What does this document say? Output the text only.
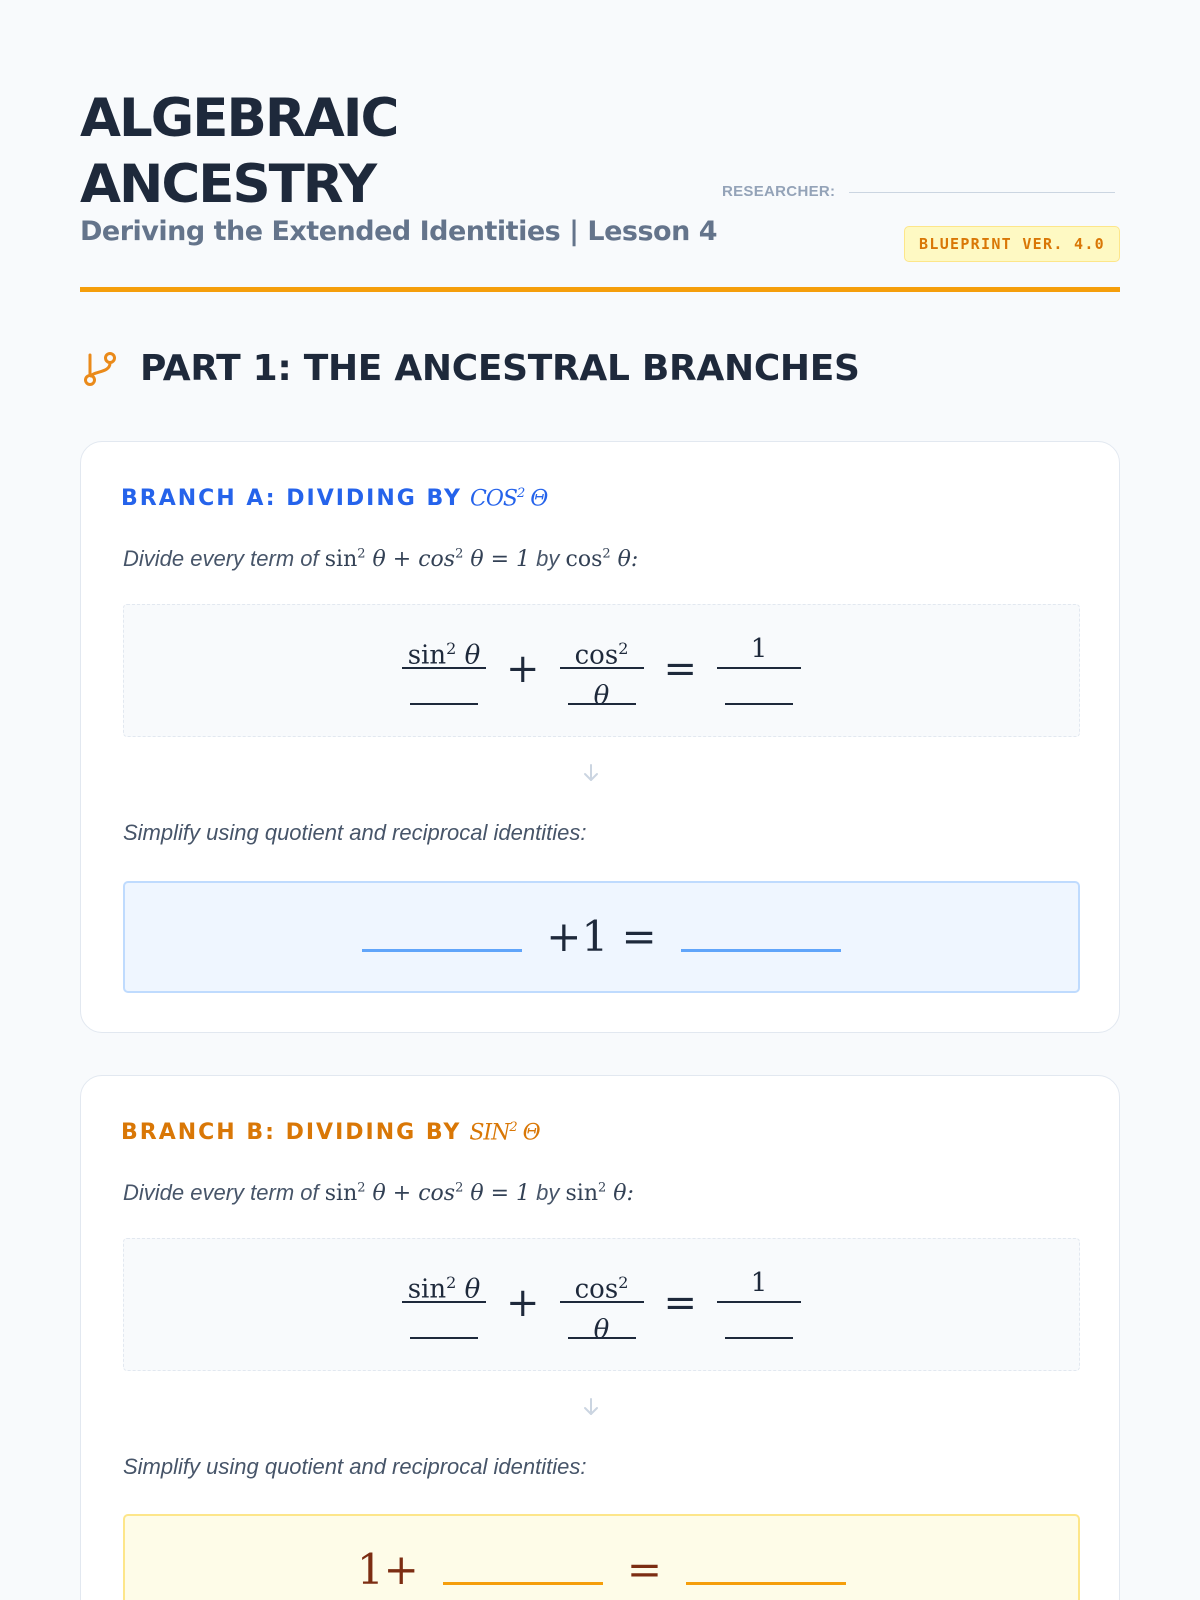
ALGEBRAIC
ANCESTRY
Deriving the Extended Identities | Lesson 4
RESEARCHER:
BLUEPRINT VER. 4.0
PART 1: THE ANCESTRAL BRANCHES
BRANCH A: DIVIDING BY COS$^2$ Θ

Divide every term of $\sin^2 \theta + \cos^2 \theta = 1$ by $\cos^2 \theta$:

$\sin^2 \theta$ +	$\cos^2 \theta$
=	1

Simplify using quotient and reciprocal identities:

+1 =
BRANCH B: DIVIDING BY SIN$^2$ Θ

Divide every term of $\sin^2 \theta + \cos^2 \theta = 1$ by $\sin^2 \theta$:

$\sin^2 \theta$ +	$\cos^2 \theta$
=	1

Simplify using quotient and reciprocal identities:

1+	=
